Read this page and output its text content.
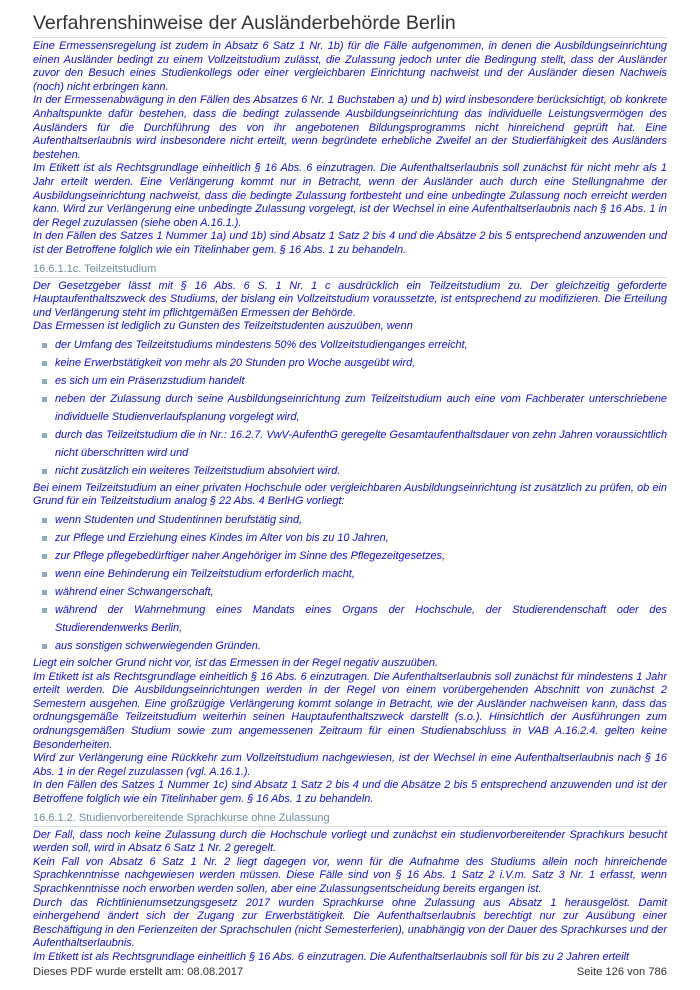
Verfahrenshinweise der Ausländerbehörde Berlin

Eine Ermessensregelung ist zudem in Absatz 6 Satz 1 Nr. 1b) für die Fälle aufgenommen, in denen die Ausbildungseinrichtung einen Ausländer bedingt zu einem Vollzeitstudium zulässt, die Zulassung jedoch unter die Bedingung stellt, dass der Ausländer zuvor den Besuch eines Studienkollegs oder einer vergleichbaren Einrichtung nachweist und der Ausländer diesen Nachweis (noch) nicht erbringen kann.

In der Ermessenabwägung in den Fällen des Absatzes 6 Nr. 1 Buchstaben a) und b) wird insbesondere berücksichtigt, ob konkrete Anhaltspunkte dafür bestehen, dass die bedingt zulassende Ausbildungseinrichtung das individuelle Leistungsvermögen des Ausländers für die Durchführung des von ihr angebotenen Bildungsprogramms nicht hinreichend geprüft hat. Eine Aufenthaltserlaubnis wird insbesondere nicht erteilt, wenn begründete erhebliche Zweifel an der Studierfähigkeit des Ausländers bestehen.

Im Etikett ist als Rechtsgrundlage einheitlich § 16 Abs. 6 einzutragen. Die Aufenthaltserlaubnis soll zunächst für nicht mehr als 1 Jahr erteilt werden. Eine Verlängerung kommt nur in Betracht, wenn der Ausländer auch durch eine Stellungnahme der Ausbildungseinrichtung nachweist, dass die bedingte Zulassung fortbesteht und eine unbedingte Zulassung noch erreicht werden kann. Wird zur Verlängerung eine unbedingte Zulassung vorgelegt, ist der Wechsel in eine Aufenthaltserlaubnis nach § 16 Abs. 1 in der Regel zuzulassen (siehe oben A.16.1.).

In den Fällen des Satzes 1 Nummer 1a) und 1b) sind Absatz 1 Satz 2 bis 4 und die Absätze 2 bis 5 entsprechend anzuwenden und ist der Betroffene folglich wie ein Titelinhaber gem. § 16 Abs. 1 zu behandeln.

16.6.1.1c. Teilzeitstudium

Der Gesetzgeber lässt mit § 16 Abs. 6 S. 1 Nr. 1 c ausdrücklich ein Teilzeitstudium zu. Der gleichzeitig geforderte Hauptaufenthaltszweck des Studiums, der bislang ein Vollzeitstudium voraussetzte, ist entsprechend zu modifizieren. Die Erteilung und Verlängerung steht im pflichtgemäßen Ermessen der Behörde.

Das Ermessen ist lediglich zu Gunsten des Teilzeitstudenten auszuüben, wenn

der Umfang des Teilzeitstudiums mindestens 50% des Vollzeitstudienganges erreicht,
keine Erwerbstätigkeit von mehr als 20 Stunden pro Woche ausgeübt wird,
es sich um ein Präsenzstudium handelt
neben der Zulassung durch seine Ausbildungseinrichtung zum Teilzeitstudium auch eine vom Fachberater unterschriebene individuelle Studienverlaufsplanung vorgelegt wird,
durch das Teilzeitstudium die in Nr.: 16.2.7. VwV-AufenthG geregelte Gesamtaufenthaltsdauer von zehn Jahren voraussichtlich nicht überschritten wird und
nicht zusätzlich ein weiteres Teilzeitstudium absolviert wird.

Bei einem Teilzeitstudium an einer privaten Hochschule oder vergleichbaren Ausbildungseinrichtung ist zusätzlich zu prüfen, ob ein Grund für ein Teilzeitstudium analog § 22 Abs. 4 BerlHG vorliegt:

wenn Studenten und Studentinnen berufstätig sind,
zur Pflege und Erziehung eines Kindes im Alter von bis zu 10 Jahren,
zur Pflege pflegebedürftiger naher Angehöriger im Sinne des Pflegezeitgesetzes,
wenn eine Behinderung ein Teilzeitstudium erforderlich macht,
während einer Schwangerschaft,
während der Wahrnehmung eines Mandats eines Organs der Hochschule, der Studierendenschaft oder des Studierendenwerks Berlin,
aus sonstigen schwerwiegenden Gründen.

Liegt ein solcher Grund nicht vor, ist das Ermessen in der Regel negativ auszuüben.

Im Etikett ist als Rechtsgrundlage einheitlich § 16 Abs. 6 einzutragen. Die Aufenthaltserlaubnis soll zunächst für mindestens 1 Jahr erteilt werden. Die Ausbildungseinrichtungen werden in der Regel von einem vorübergehenden Abschnitt von zunächst 2 Semestern ausgehen. Eine großzügige Verlängerung kommt solange in Betracht, wie der Ausländer nachweisen kann, dass das ordnungsgemäße Teilzeitstudium weiterhin seinen Hauptaufenthaltszweck darstellt (s.o.). Hinsichtlich der Ausführungen zum ordnungsgemäßen Studium sowie zum angemessenen Zeitraum für einen Studienabschluss in VAB A.16.2.4. gelten keine Besonderheiten.

Wird zur Verlängerung eine Rückkehr zum Vollzeitstudium nachgewiesen, ist der Wechsel in eine Aufenthaltserlaubnis nach § 16 Abs. 1 in der Regel zuzulassen (vgl. A.16.1.).

In den Fällen des Satzes 1 Nummer 1c) sind Absatz 1 Satz 2 bis 4 und die Absätze 2 bis 5 entsprechend anzuwenden und ist der Betroffene folglich wie ein Titelinhaber gem. § 16 Abs. 1 zu behandeln.

16.6.1.2. Studienvorbereitende Sprachkurse ohne Zulassung

Der Fall, dass noch keine Zulassung durch die Hochschule vorliegt und zunächst ein studienvorbereitender Sprachkurs besucht werden soll, wird in Absatz 6 Satz 1 Nr. 2 geregelt.

Kein Fall von Absatz 6 Satz 1 Nr. 2 liegt dagegen vor, wenn für die Aufnahme des Studiums allein noch hinreichende Sprachkenntnisse nachgewiesen werden müssen. Diese Fälle sind von § 16 Abs. 1 Satz 2 i.V.m. Satz 3 Nr. 1 erfasst, wenn Sprachkenntnisse noch erworben werden sollen, aber eine Zulassungsentscheidung bereits ergangen ist.

Durch das Richtlinienumsetzungsgesetz 2017 wurden Sprachkurse ohne Zulassung aus Absatz 1 herausgelöst. Damit einhergehend ändert sich der Zugang zur Erwerbstätigkeit. Die Aufenthaltserlaubnis berechtigt nur zur Ausübung einer Beschäftigung in den Ferienzeiten der Sprachschulen (nicht Semesterferien), unabhängig von der Dauer des Sprachkurses und der Aufenthaltserlaubnis.

Im Etikett ist als Rechtsgrundlage einheitlich § 16 Abs. 6 einzutragen. Die Aufenthaltserlaubnis soll für bis zu 2 Jahren erteilt

Dieses PDF wurde erstellt am: 08.08.2017	Seite 126 von 786
